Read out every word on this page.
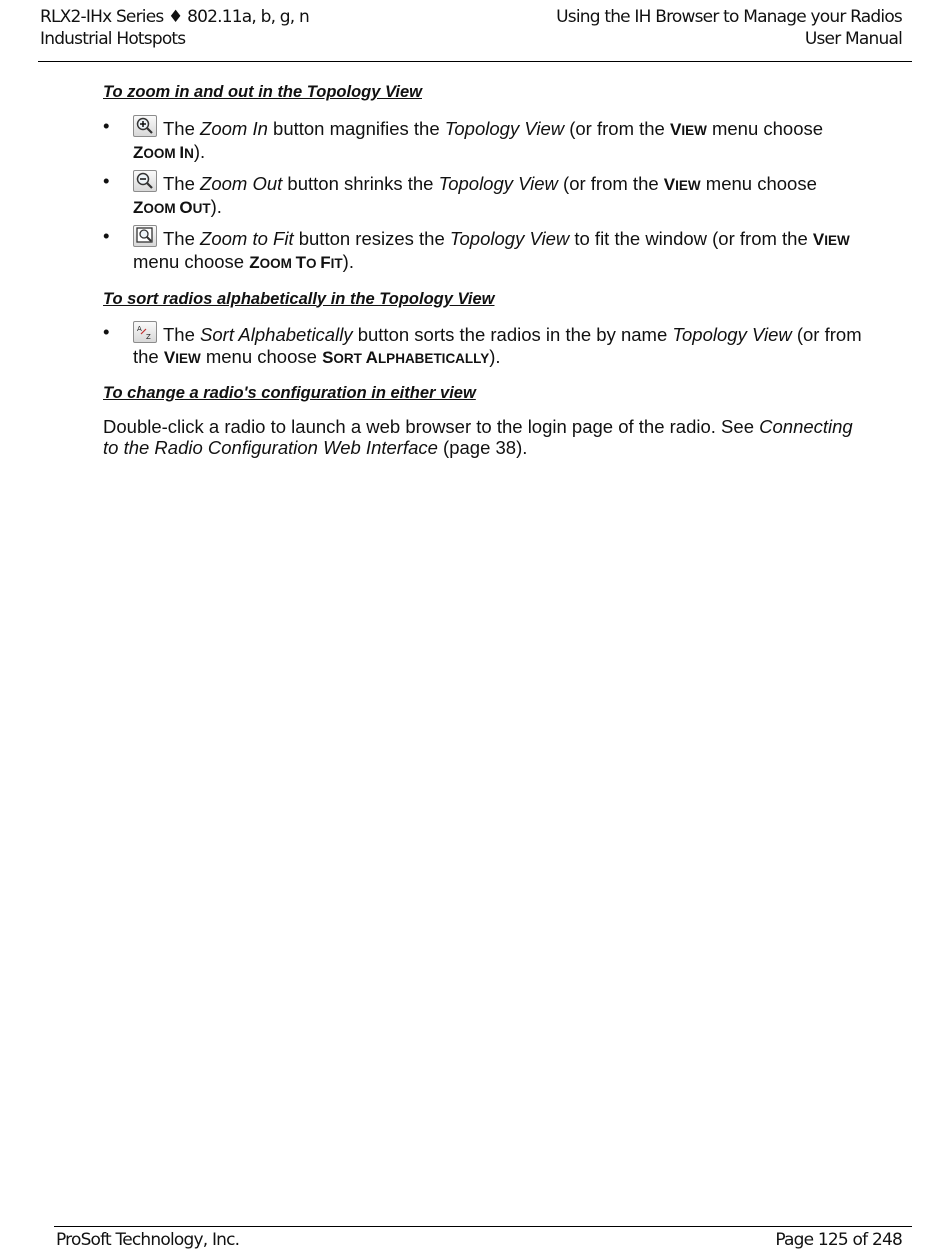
RLX2-IHx Series ♦ 802.11a, b, g, n
Industrial Hotspots
Using the IH Browser to Manage your Radios
User Manual

To zoom in and out in the Topology View

•	The Zoom In button magnifies the Topology View (or from the VIEW menu choose ZOOM IN).
•	The Zoom Out button shrinks the Topology View (or from the VIEW menu choose ZOOM OUT).
•	The Zoom to Fit button resizes the Topology View to fit the window (or from the VIEW menu choose ZOOM TO FIT).

To sort radios alphabetically in the Topology View

•	A
Z The Sort Alphabetically button sorts the radios in the by name Topology View (or from the VIEW menu choose SORT ALPHABETICALLY).

To change a radio's configuration in either view

Double-click a radio to launch a web browser to the login page of the radio. See Connecting to the Radio Configuration Web Interface (page 38).

ProSoft Technology, Inc.	Page 125 of 248
